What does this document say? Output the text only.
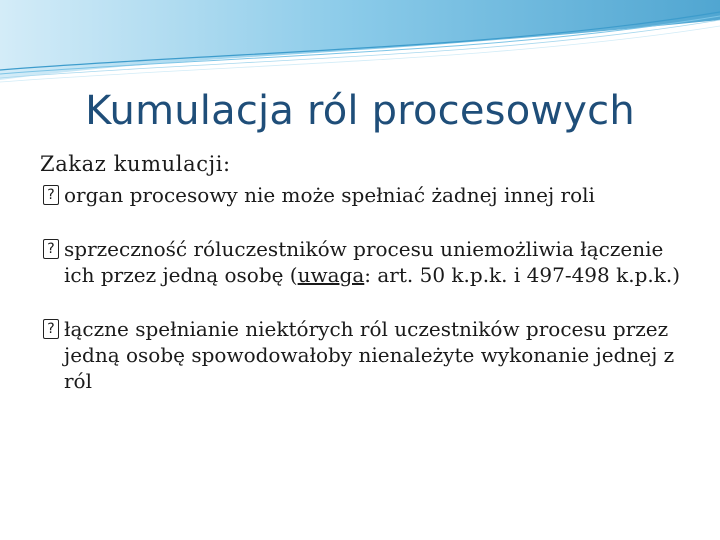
Kumulacja ról procesowych
Zakaz kumulacji:
? organ procesowy nie może spełniać żadnej innej roli
? sprzeczność róluczestników procesu uniemożliwia łączenie ich przez jedną osobę (uwaga: art. 50 k.p.k. i 497-498 k.p.k.)
? łączne spełnianie niektórych ról uczestników procesu przez jedną osobę spowodowałoby nienależyte wykonanie jednej z ról
